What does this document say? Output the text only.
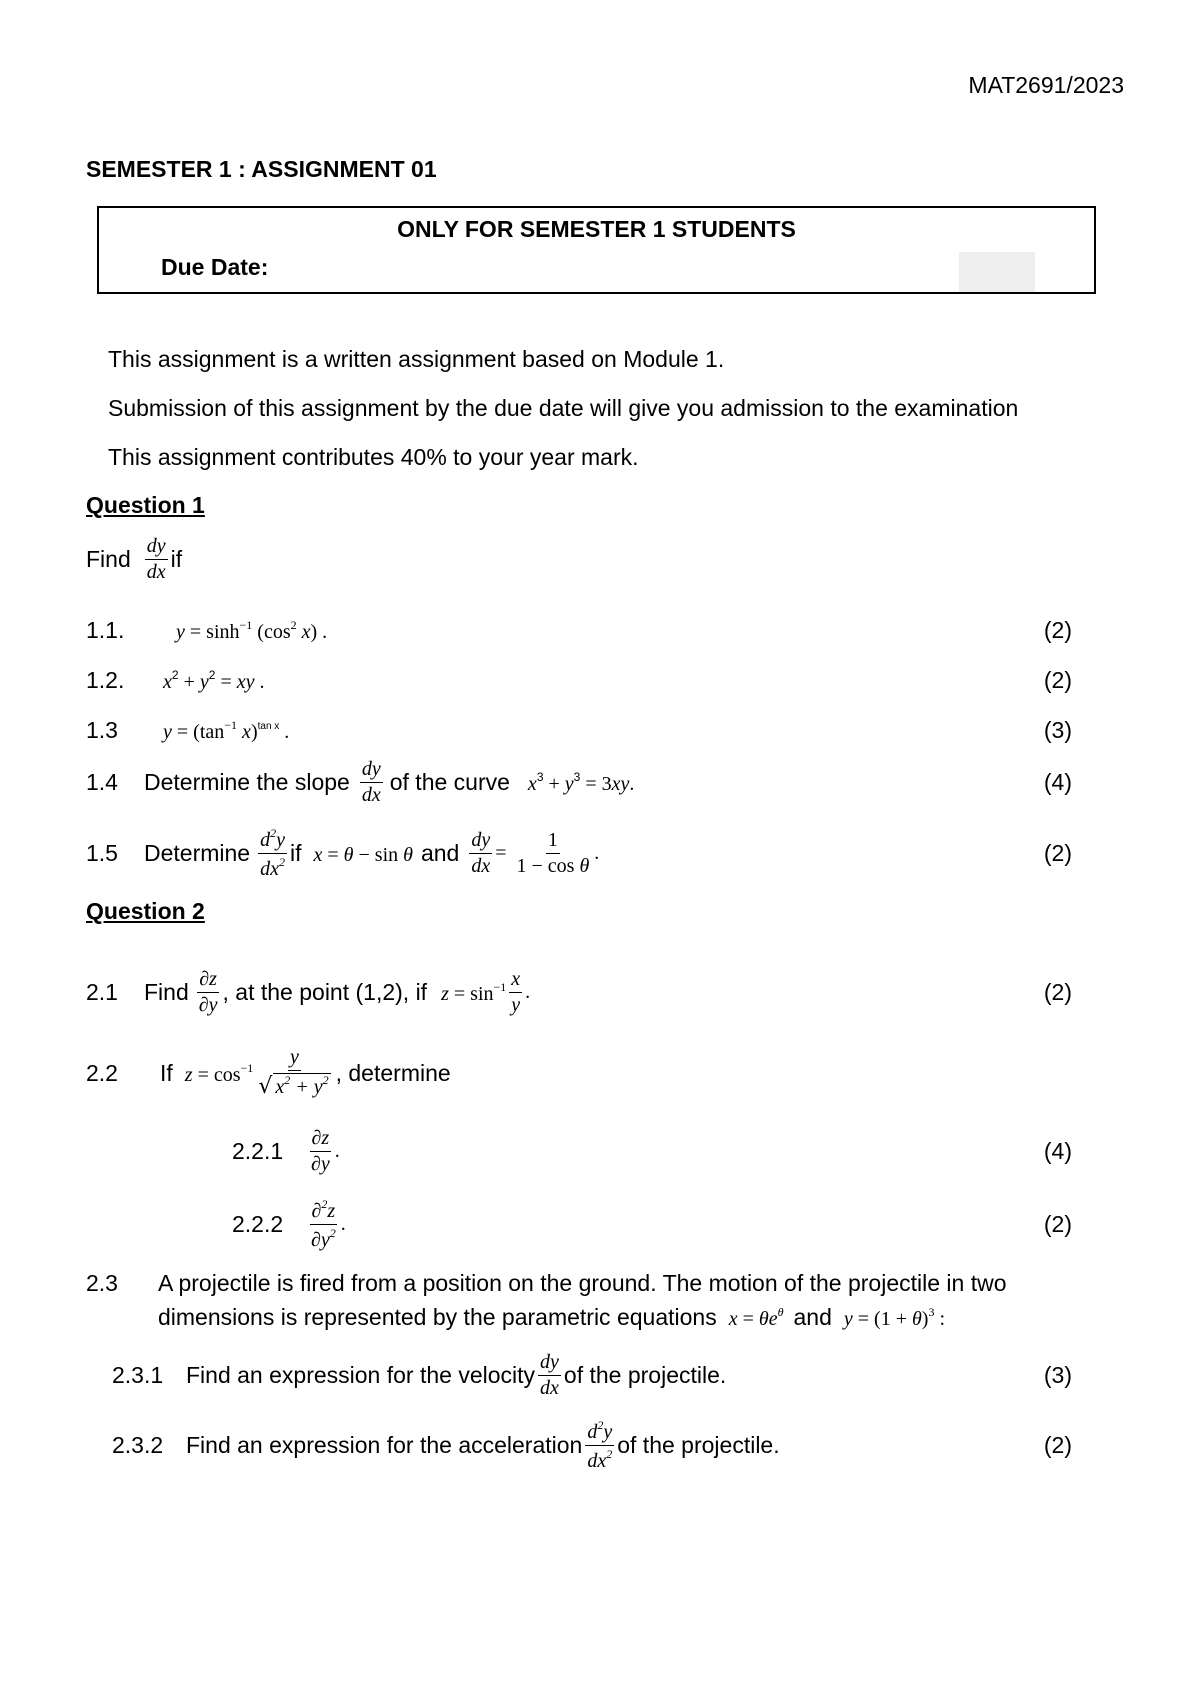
MAT2691/2023
SEMESTER 1 : ASSIGNMENT 01
ONLY FOR SEMESTER 1 STUDENTS
Due Date:
This assignment is a written assignment based on Module 1.
Submission of this assignment by the due date will give you admission to the examination
This assignment contributes 40% to your year mark.
Question 1
Find $\frac{dy}{dx}$ if
1.1.	$y = \sinh^{-1} (\cos^2$ x) .	(2)
1.2. $x^2 + y^2$ = xy .	(2)
1.3 $y = (\tan^{-1}$ x)$^{tan x}$ .	(3)
1.4 Determine the slope $\frac{dy}{dx}$ of the curve $x^3 + y^3 = 3xy$.	(4)
1.5 Determine $\frac{d^2y}{dx^2}$ if x = θ − sin θ and $\frac{dy}{dx} = \frac{1}{\text{1 − cos θ}}$ .	(2)
Question 2
2.1 Find $\frac{\partial z}{\partial y}$ , at the point (1,2), if $z = \sin^{-1} \frac{x}{y}$ .	(2)
2.2 If $z = \cos^{-1} \frac{y}{√ x^2 + y^2}$ , determine
$2.2.1 \frac{\partial z}{\partial y}$ .	(4)
$2.2.2 \frac{\partial^2z}{\partial y^2}$ .	(2)
2.3 A projectile is fired from a position on the ground. The motion of the projectile in two
dimensions is represented by the parametric equations $x = \theta e^\theta$ and $y = (1 + \theta)^3$ :
2.3.1 Find an expression for the velocity $\frac{dy}{dx}$ of the projectile.	(3)
2.3.2 Find an expression for the acceleration $\frac{d^2y}{dx^2}$ of the projectile.	(2)
